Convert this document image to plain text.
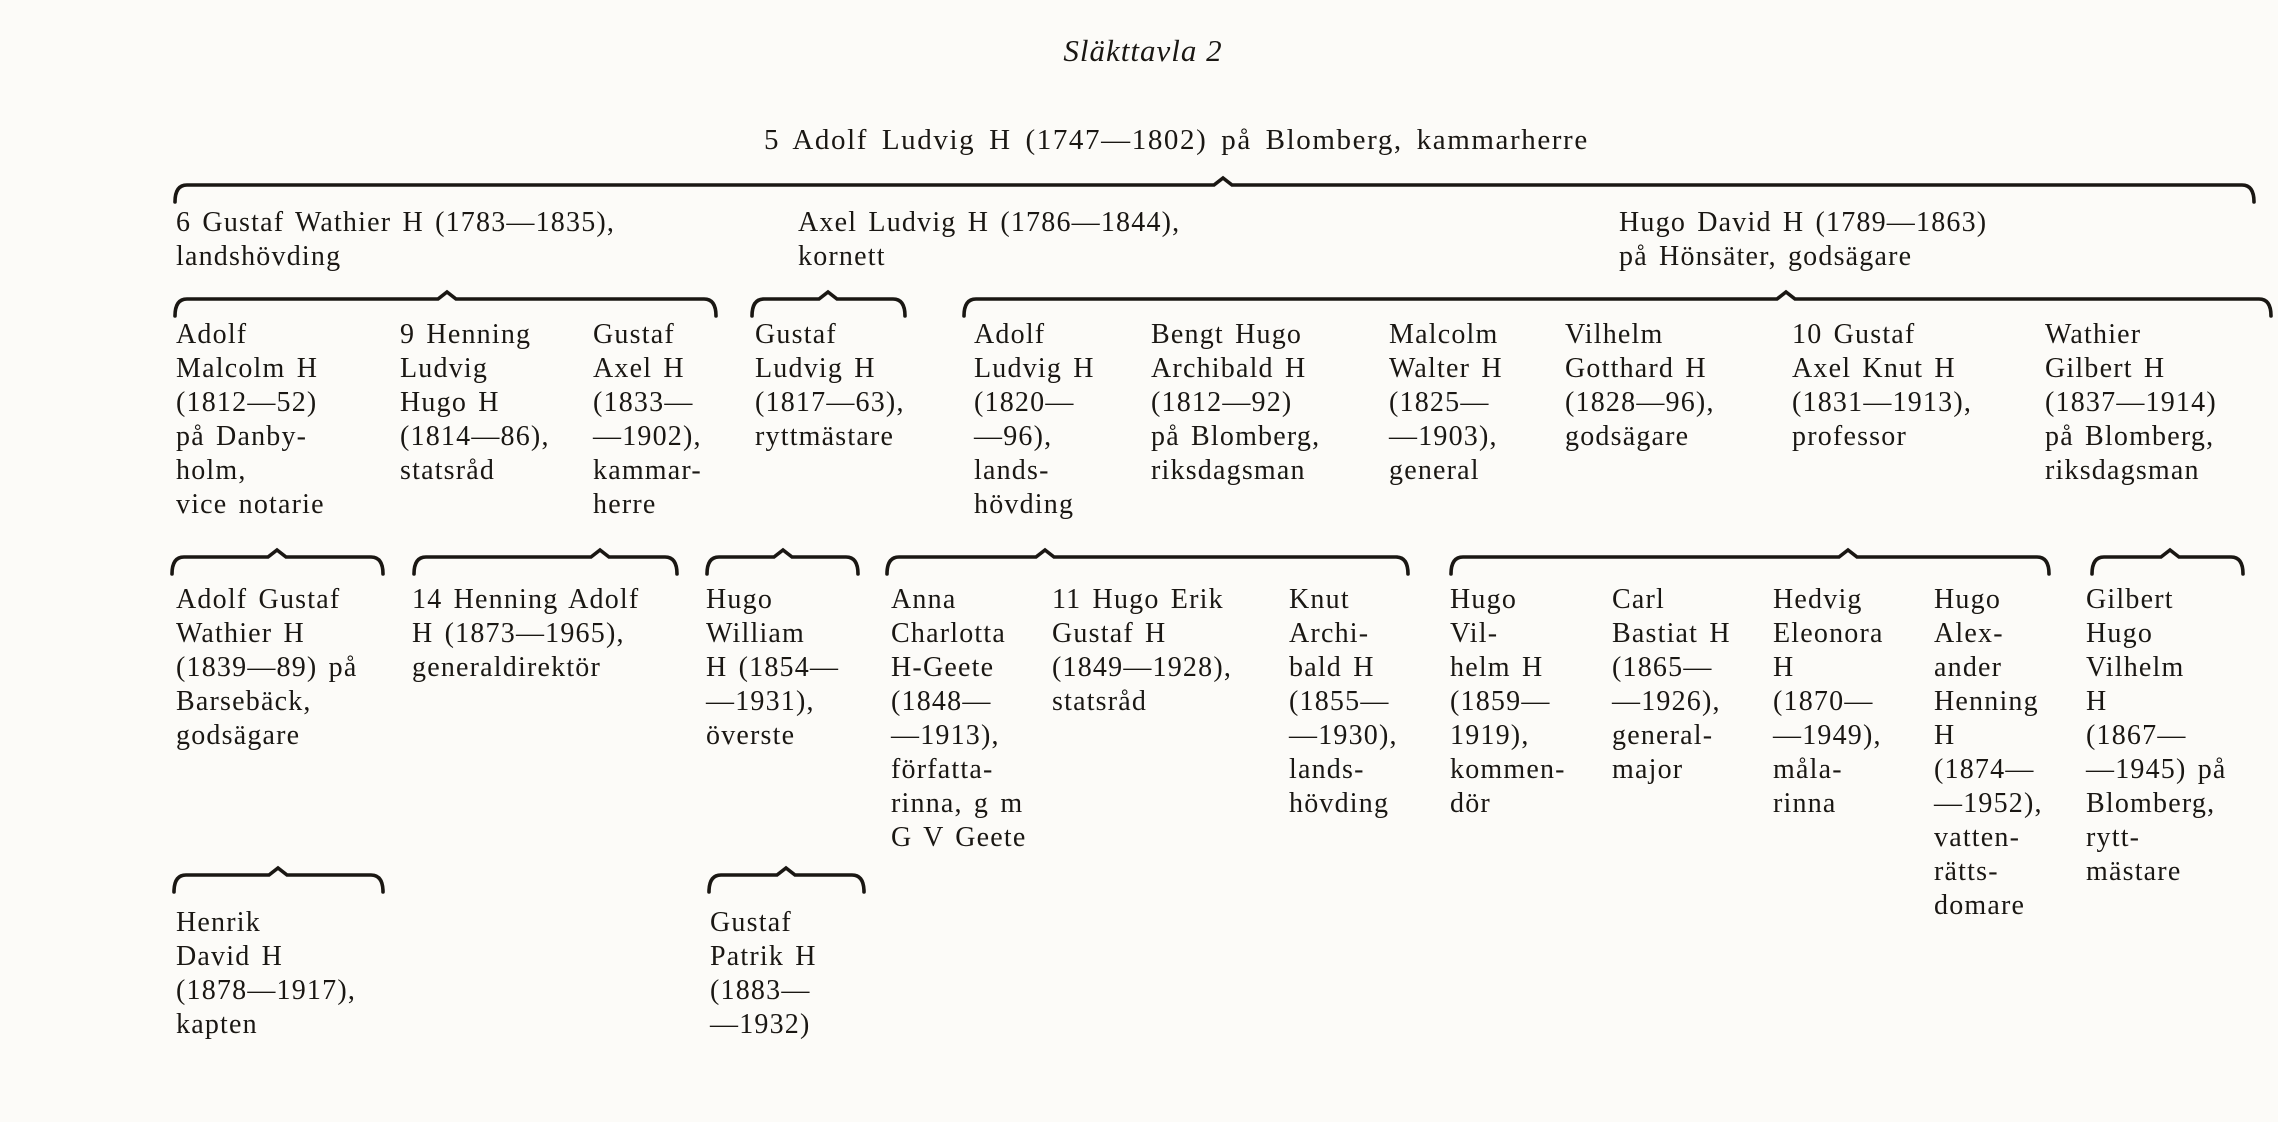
Släkttavla 2
5 Adolf Ludvig H (1747—1802) på Blomberg, kammarherre
6 Gustaf Wathier H (1783—1835),
landshövding
Axel Ludvig H (1786—1844),
kornett
Hugo David H (1789—1863)
på Hönsäter, godsägare
Adolf
Malcolm H
(1812—52)
på Danby-
holm,
vice notarie
9 Henning
Ludvig
Hugo H
(1814—86),
statsråd
Gustaf
Axel H
(1833—
—1902),
kammar-
herre
Gustaf
Ludvig H
(1817—63),
ryttmästare
Adolf
Ludvig H
(1820—
—96),
lands-
hövding
Bengt Hugo
Archibald H
(1812—92)
på Blomberg,
riksdagsman
Malcolm
Walter H
(1825—
—1903),
general
Vilhelm
Gotthard H
(1828—96),
godsägare
10 Gustaf
Axel Knut H
(1831—1913),
professor
Wathier
Gilbert H
(1837—1914)
på Blomberg,
riksdagsman
Adolf Gustaf
Wathier H
(1839—89) på
Barsebäck,
godsägare
14 Henning Adolf
H (1873—1965),
generaldirektör
Hugo
William
H (1854—
—1931),
överste
Anna
Charlotta
H-Geete
(1848—
—1913),
författa-
rinna, g m
G V Geete
11 Hugo Erik
Gustaf H
(1849—1928),
statsråd
Knut
Archi-
bald H
(1855—
—1930),
lands-
hövding
Hugo
Vil-
helm H
(1859—
1919),
kommen-
dör
Carl
Bastiat H
(1865—
—1926),
general-
major
Hedvig
Eleonora
H
(1870—
—1949),
måla-
rinna
Hugo
Alex-
ander
Henning
H
(1874—
—1952),
vatten-
rätts-
domare
Gilbert
Hugo
Vilhelm
H
(1867—
—1945) på
Blomberg,
rytt-
mästare
Henrik
David H
(1878—1917),
kapten
Gustaf
Patrik H
(1883—
—1932)
